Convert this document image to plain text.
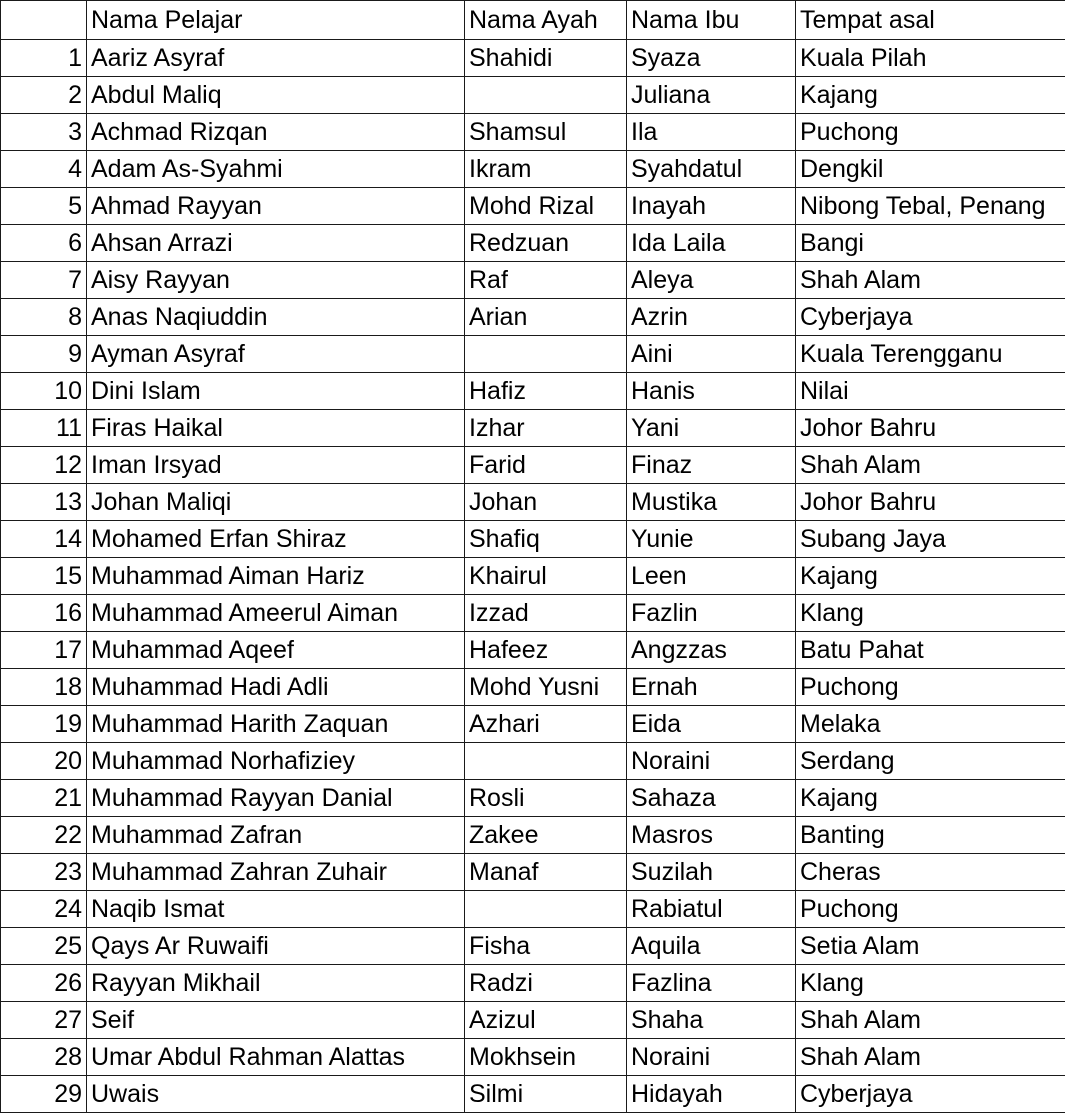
	Nama Pelajar	Nama Ayah	Nama Ibu	Tempat asal
1	Aariz Asyraf	Shahidi	Syaza	Kuala Pilah
2	Abdul Maliq		Juliana	Kajang
3	Achmad Rizqan	Shamsul	Ila	Puchong
4	Adam As-Syahmi	Ikram	Syahdatul	Dengkil
5	Ahmad Rayyan	Mohd Rizal	Inayah	Nibong Tebal, Penang
6	Ahsan Arrazi	Redzuan	Ida Laila	Bangi
7	Aisy Rayyan	Raf	Aleya	Shah Alam
8	Anas Naqiuddin	Arian	Azrin	Cyberjaya
9	Ayman Asyraf		Aini	Kuala Terengganu
10	Dini Islam	Hafiz	Hanis	Nilai
11	Firas Haikal	Izhar	Yani	Johor Bahru
12	Iman Irsyad	Farid	Finaz	Shah Alam
13	Johan Maliqi	Johan	Mustika	Johor Bahru
14	Mohamed Erfan Shiraz	Shafiq	Yunie	Subang Jaya
15	Muhammad Aiman Hariz	Khairul	Leen	Kajang
16	Muhammad Ameerul Aiman	Izzad	Fazlin	Klang
17	Muhammad Aqeef	Hafeez	Angzzas	Batu Pahat
18	Muhammad Hadi Adli	Mohd Yusni	Ernah	Puchong
19	Muhammad Harith Zaquan	Azhari	Eida	Melaka
20	Muhammad Norhafiziey		Noraini	Serdang
21	Muhammad Rayyan Danial	Rosli	Sahaza	Kajang
22	Muhammad Zafran	Zakee	Masros	Banting
23	Muhammad Zahran Zuhair	Manaf	Suzilah	Cheras
24	Naqib Ismat		Rabiatul	Puchong
25	Qays Ar Ruwaifi	Fisha	Aquila	Setia Alam
26	Rayyan Mikhail	Radzi	Fazlina	Klang
27	Seif	Azizul	Shaha	Shah Alam
28	Umar Abdul Rahman Alattas	Mokhsein	Noraini	Shah Alam
29	Uwais	Silmi	Hidayah	Cyberjaya
